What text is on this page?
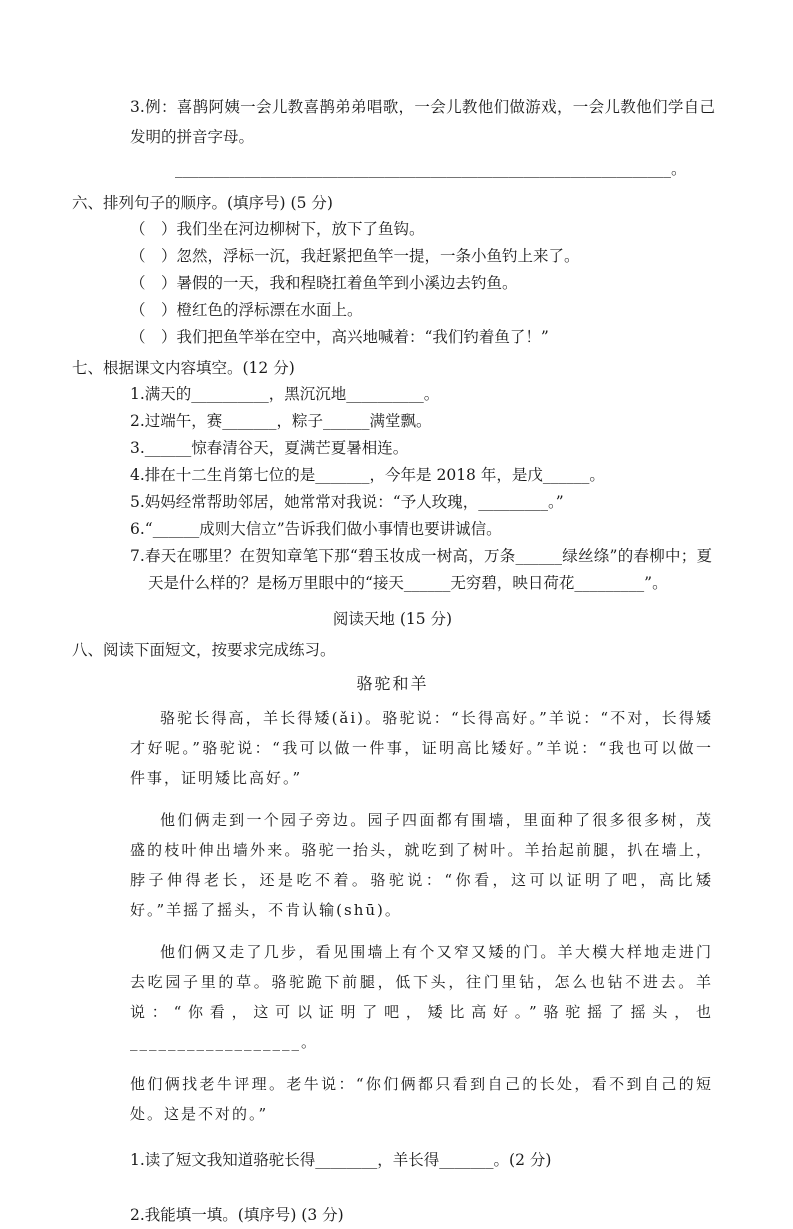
3.例：喜鹊阿姨一会儿教喜鹊弟弟唱歌，一会儿教他们做游戏，一会儿教他们学自己发明的拼音字母。
________________________________________________________________。
六、排列句子的顺序。(填序号) (5 分)
（　）我们坐在河边柳树下，放下了鱼钩。
（　）忽然，浮标一沉，我赶紧把鱼竿一提，一条小鱼钓上来了。
（　）暑假的一天，我和程晓扛着鱼竿到小溪边去钓鱼。
（　）橙红色的浮标漂在水面上。
（　）我们把鱼竿举在空中，高兴地喊着：“我们钓着鱼了！”
七、根据课文内容填空。(12 分)
1.满天的__________，黑沉沉地__________。
2.过端午，赛_______，粽子______满堂飘。
3.______惊春清谷天，夏满芒夏暑相连。
4.排在十二生肖第七位的是_______，今年是 2018 年，是戊______。
5.妈妈经常帮助邻居，她常常对我说：“予人玫瑰，_________。”
6.“______成则大信立”告诉我们做小事情也要讲诚信。
7.春天在哪里？在贺知章笔下那“碧玉妆成一树高，万条______绿丝绦”的春柳中；夏天是什么样的？是杨万里眼中的“接天______无穷碧，映日荷花_________”。
阅读天地 (15 分)
八、阅读下面短文，按要求完成练习。
骆驼和羊

骆驼长得高，羊长得矮(ǎi)。骆驼说：“长得高好。”羊说：“不对，长得矮才好呢。”骆驼说：“我可以做一件事，证明高比矮好。”羊说：“我也可以做一件事，证明矮比高好。”

他们俩走到一个园子旁边。园子四面都有围墙，里面种了很多很多树，茂盛的枝叶伸出墙外来。骆驼一抬头，就吃到了树叶。羊抬起前腿，扒在墙上，脖子伸得老长，还是吃不着。骆驼说：“你看，这可以证明了吧，高比矮好。”羊摇了摇头，不肯认输(shū)。

他们俩又走了几步，看见围墙上有个又窄又矮的门。羊大模大样地走进门去吃园子里的草。骆驼跪下前腿，低下头，往门里钻，怎么也钻不进去。羊说：“你看，这可以证明了吧，矮比高好。”骆驼摇了摇头，也__________________。

他们俩找老牛评理。老牛说：“你们俩都只看到自己的长处，看不到自己的短处。这是不对的。”

1.读了短文我知道骆驼长得________，羊长得_______。(2 分)
2.我能填一填。(填序号) (3 分)
